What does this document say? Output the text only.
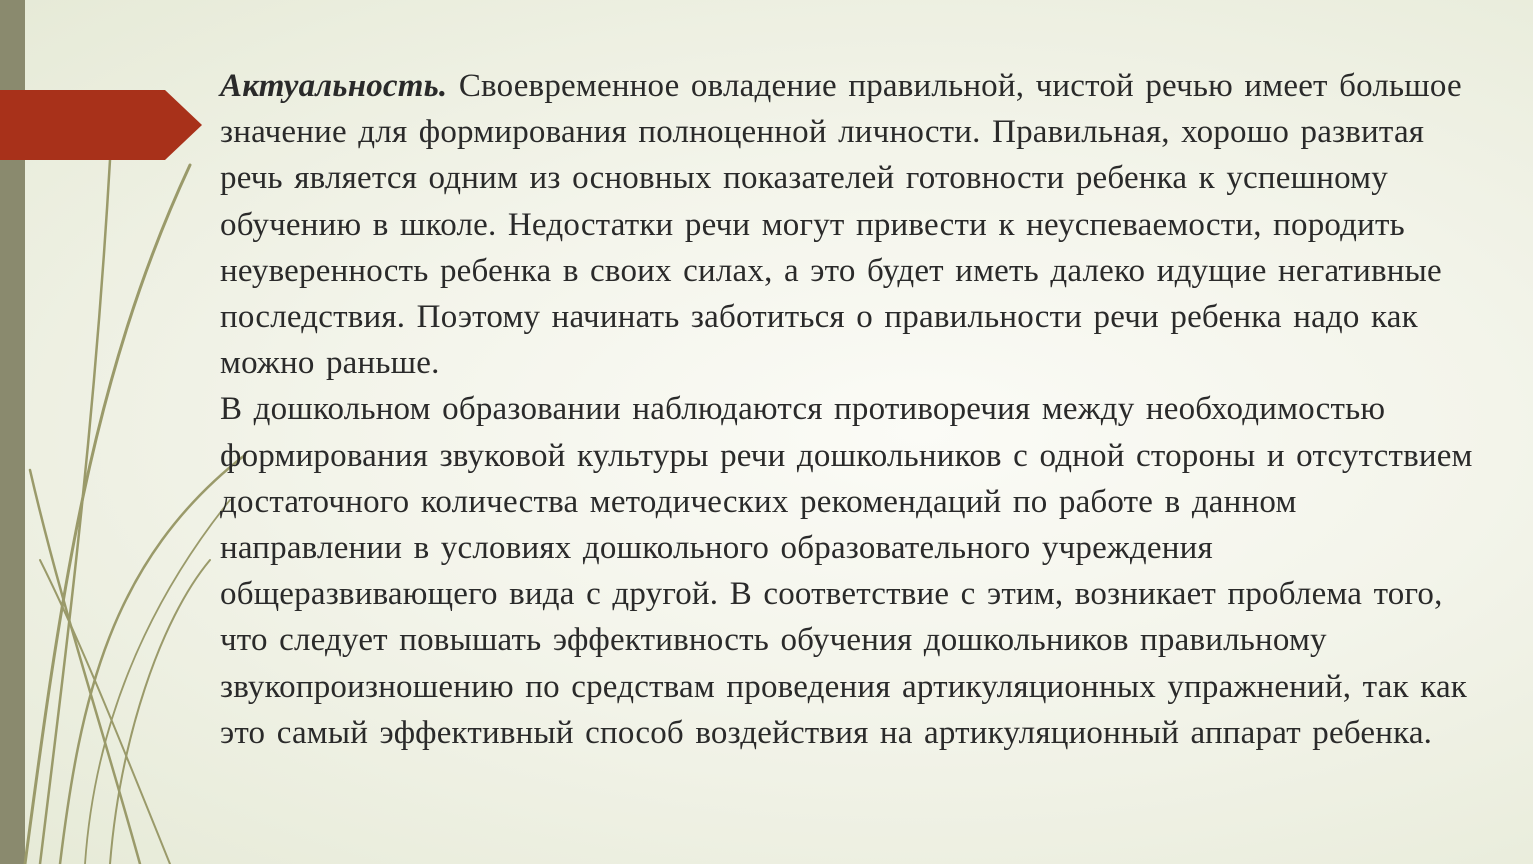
Актуальность. Своевременное овладение правильной, чистой речью имеет большое значение для формирования полноценной личности. Правильная, хорошо развитая речь является одним из основных показателей готовности ребенка к успешному обучению в школе. Недостатки речи могут привести к неуспеваемости, породить неуверенность ребенка в своих силах, а это будет иметь далеко идущие негативные последствия. Поэтому начинать заботиться о правильности речи ребенка надо как можно раньше.

В дошкольном образовании наблюдаются противоречия между необходимостью формирования звуковой культуры речи дошкольников с одной стороны и отсутствием достаточного количества методических рекомендаций по работе в данном направлении в условиях дошкольного образовательного учреждения общеразвивающего вида с другой. В соответствие с этим, возникает проблема того, что следует повышать эффективность обучения дошкольников правильному звукопроизношению по средствам проведения артикуляционных упражнений, так как это самый эффективный способ воздействия на артикуляционный аппарат ребенка.
